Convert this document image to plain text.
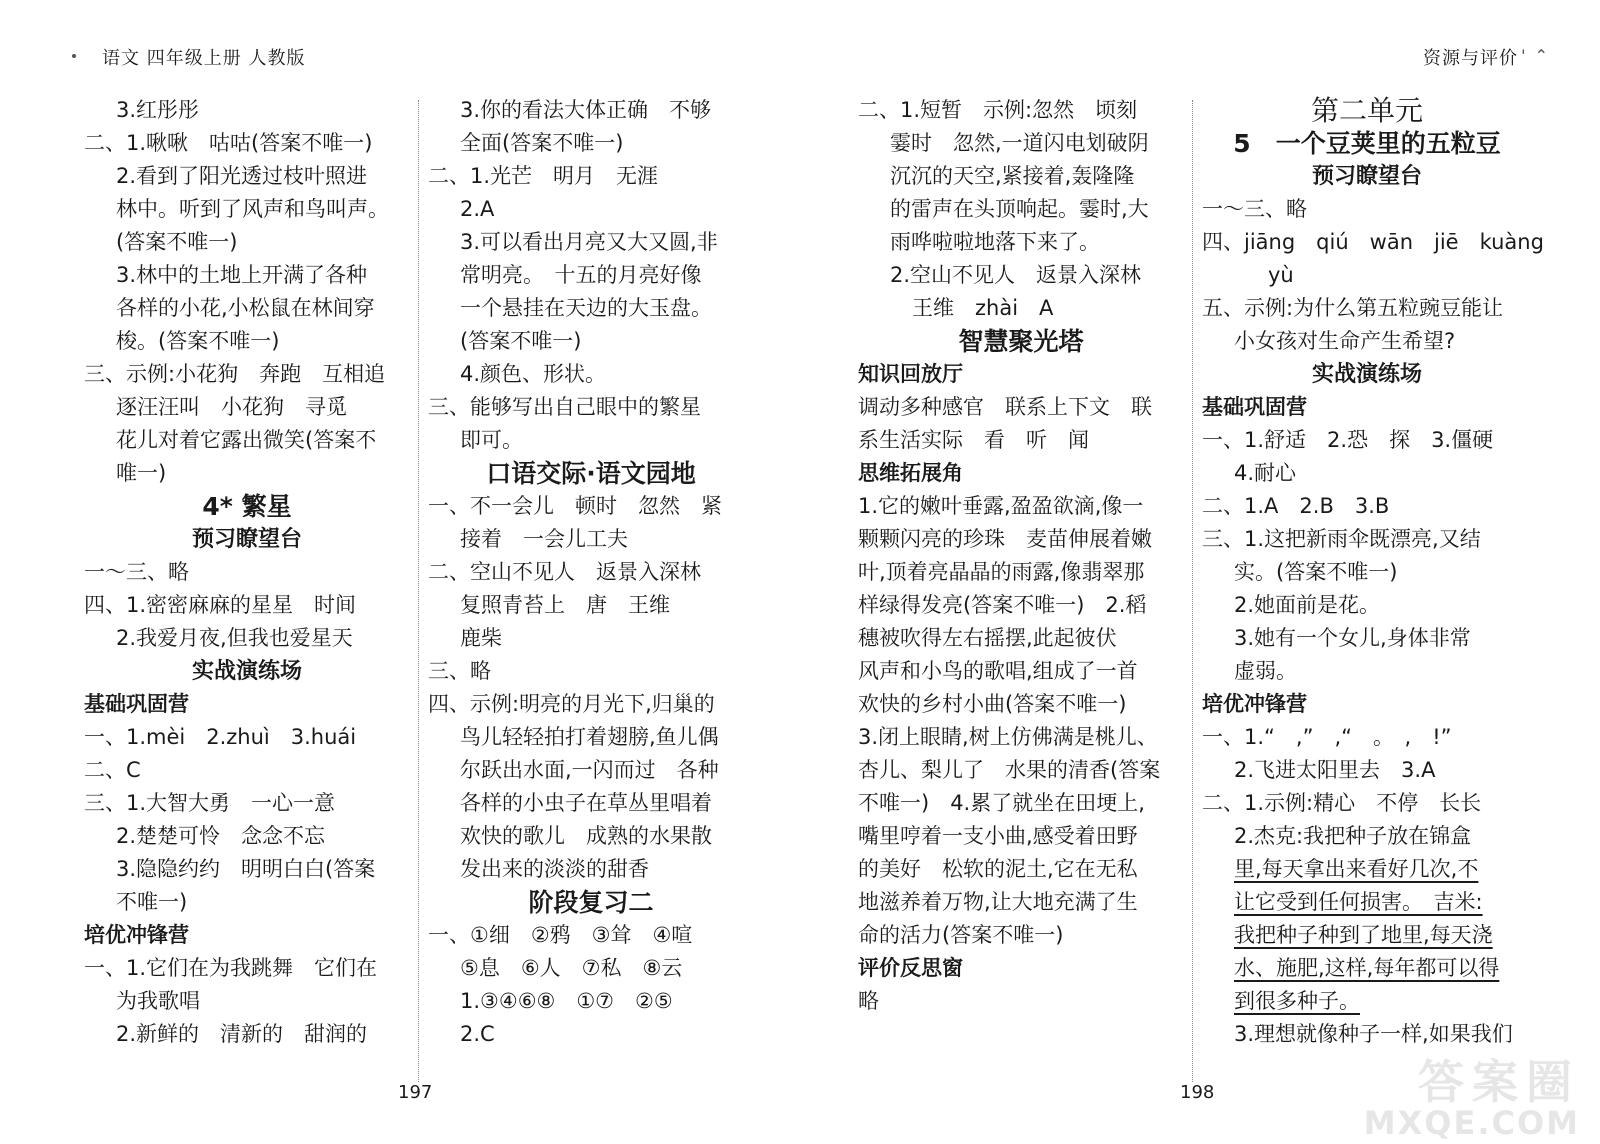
语文 四年级上册 人教版	资源与评价 ' ⌃
3.红彤彤
二、1.啾啾　咕咕(答案不唯一)
2.看到了阳光透过枝叶照进
林中。听到了风声和鸟叫声。
(答案不唯一)
3.林中的土地上开满了各种
各样的小花,小松鼠在林间穿
梭。(答案不唯一)
三、示例:小花狗　奔跑　互相追
逐汪汪叫　小花狗　寻觅
花儿对着它露出微笑(答案不
唯一)
4* 繁星
预习瞭望台
一～三、略
四、1.密密麻麻的星星　时间
2.我爱月夜,但我也爱星天
实战演练场
基础巩固营
一、1.mèi　2.zhuì　3.huái
二、C
三、1.大智大勇　一心一意
2.楚楚可怜　念念不忘
3.隐隐约约　明明白白(答案
不唯一)
培优冲锋营
一、1.它们在为我跳舞　它们在
为我歌唱
2.新鲜的　清新的　甜润的
3.你的看法大体正确　不够
全面(答案不唯一)
二、1.光芒　明月　无涯
2.A
3.可以看出月亮又大又圆,非
常明亮。　十五的月亮好像
一个悬挂在天边的大玉盘。
(答案不唯一)
4.颜色、形状。
三、能够写出自己眼中的繁星
即可。
口语交际·语文园地
一、不一会儿　顿时　忽然　紧
接着　一会儿工夫
二、空山不见人　返景入深林
复照青苔上　唐　王维
鹿柴
三、略
四、示例:明亮的月光下,归巢的
鸟儿轻轻拍打着翅膀,鱼儿偶
尔跃出水面,一闪而过　各种
各样的小虫子在草丛里唱着
欢快的歌儿　成熟的水果散
发出来的淡淡的甜香
阶段复习二
一、①细　②鸦　③耸　④喧
⑤息　⑥人　⑦私　⑧云
1.③④⑥⑧　①⑦　②⑤
2.C
二、1.短暂　示例:忽然　顷刻
霎时　忽然,一道闪电划破阴
沉沉的天空,紧接着,轰隆隆
的雷声在头顶响起。霎时,大
雨哗啦啦地落下来了。
2.空山不见人　返景入深林
王维　zhài　A
智慧聚光塔
知识回放厅
调动多种感官　联系上下文　联
系生活实际　看　听　闻
思维拓展角
1.它的嫩叶垂露,盈盈欲滴,像一
颗颗闪亮的珍珠　麦苗伸展着嫩
叶,顶着亮晶晶的雨露,像翡翠那
样绿得发亮(答案不唯一)　2.稻
穗被吹得左右摇摆,此起彼伏
风声和小鸟的歌唱,组成了一首
欢快的乡村小曲(答案不唯一)
3.闭上眼睛,树上仿佛满是桃儿、
杏儿、梨儿了　水果的清香(答案
不唯一)　4.累了就坐在田埂上,
嘴里哼着一支小曲,感受着田野
的美好　松软的泥土,它在无私
地滋养着万物,让大地充满了生
命的活力(答案不唯一)
评价反思窗
略
第二单元
5　一个豆荚里的五粒豆
预习瞭望台
一～三、略
四、jiāng　qiú　wān　jiē　kuàng
yù
五、示例:为什么第五粒豌豆能让
小女孩对生命产生希望?
实战演练场
基础巩固营
一、1.舒适　2.恐　探　3.僵硬
4.耐心
二、1.A　2.B　3.B
三、1.这把新雨伞既漂亮,又结
实。(答案不唯一)
2.她面前是花。
3.她有一个女儿,身体非常
虚弱。
培优冲锋营
一、1.“　,”　,“　。　,　!”
2.飞进太阳里去　3.A
二、1.示例:精心　不停　长长
2.杰克:我把种子放在锦盒
里,每天拿出来看好几次,不
让它受到任何损害。　吉米:
我把种子种到了地里,每天浇
水、施肥,这样,每年都可以得
到很多种子。
3.理想就像种子一样,如果我们
197	198	答案圈
MXQE.COM
